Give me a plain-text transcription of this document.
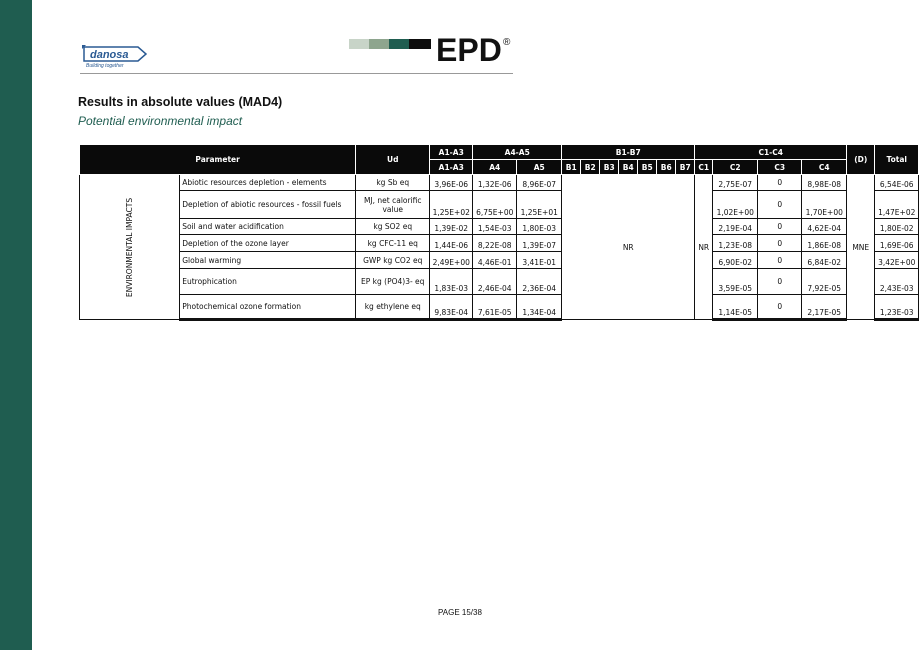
danosa
Building together	EPD ®
Results in absolute values (MAD4)
Potential environmental impact
Parameter		Ud	A1-A3	A4-A5		B1-B7							C1-C4				(D)	Total
			A1-A3	A4	A5	B1	B2	B3	B4	B5	B6	B7	C1	C2	C3	C4		
ENVIRONMENTAL IMPACTS	Abiotic resources depletion - elements	kg Sb eq	3,96E-06	1,32E-06	8,96E-07	NR							NR	2,75E-07	0	8,98E-08	MNE	6,54E-06
	Depletion of abiotic resources - fossil fuels	MJ, net calorific value	1,25E+02	6,75E+00	1,25E+01									1,02E+00	0	1,70E+00		1,47E+02
	Soil and water acidification	kg SO2 eq	1,39E-02	1,54E-03	1,80E-03									2,19E-04	0	4,62E-04		1,80E-02
	Depletion of the ozone layer	kg CFC-11 eq	1,44E-06	8,22E-08	1,39E-07									1,23E-08	0	1,86E-08		1,69E-06
	Global warming	GWP kg CO2 eq	2,49E+00	4,46E-01	3,41E-01									6,90E-02	0	6,84E-02		3,42E+00
	Eutrophication	EP kg (PO4)3- eq	1,83E-03	2,46E-04	2,36E-04									3,59E-05	0	7,92E-05		2,43E-03
	Photochemical ozone formation	kg ethylene eq	9,83E-04	7,61E-05	1,34E-04									1,14E-05	0	2,17E-05		1,23E-03
PAGE 15/38
